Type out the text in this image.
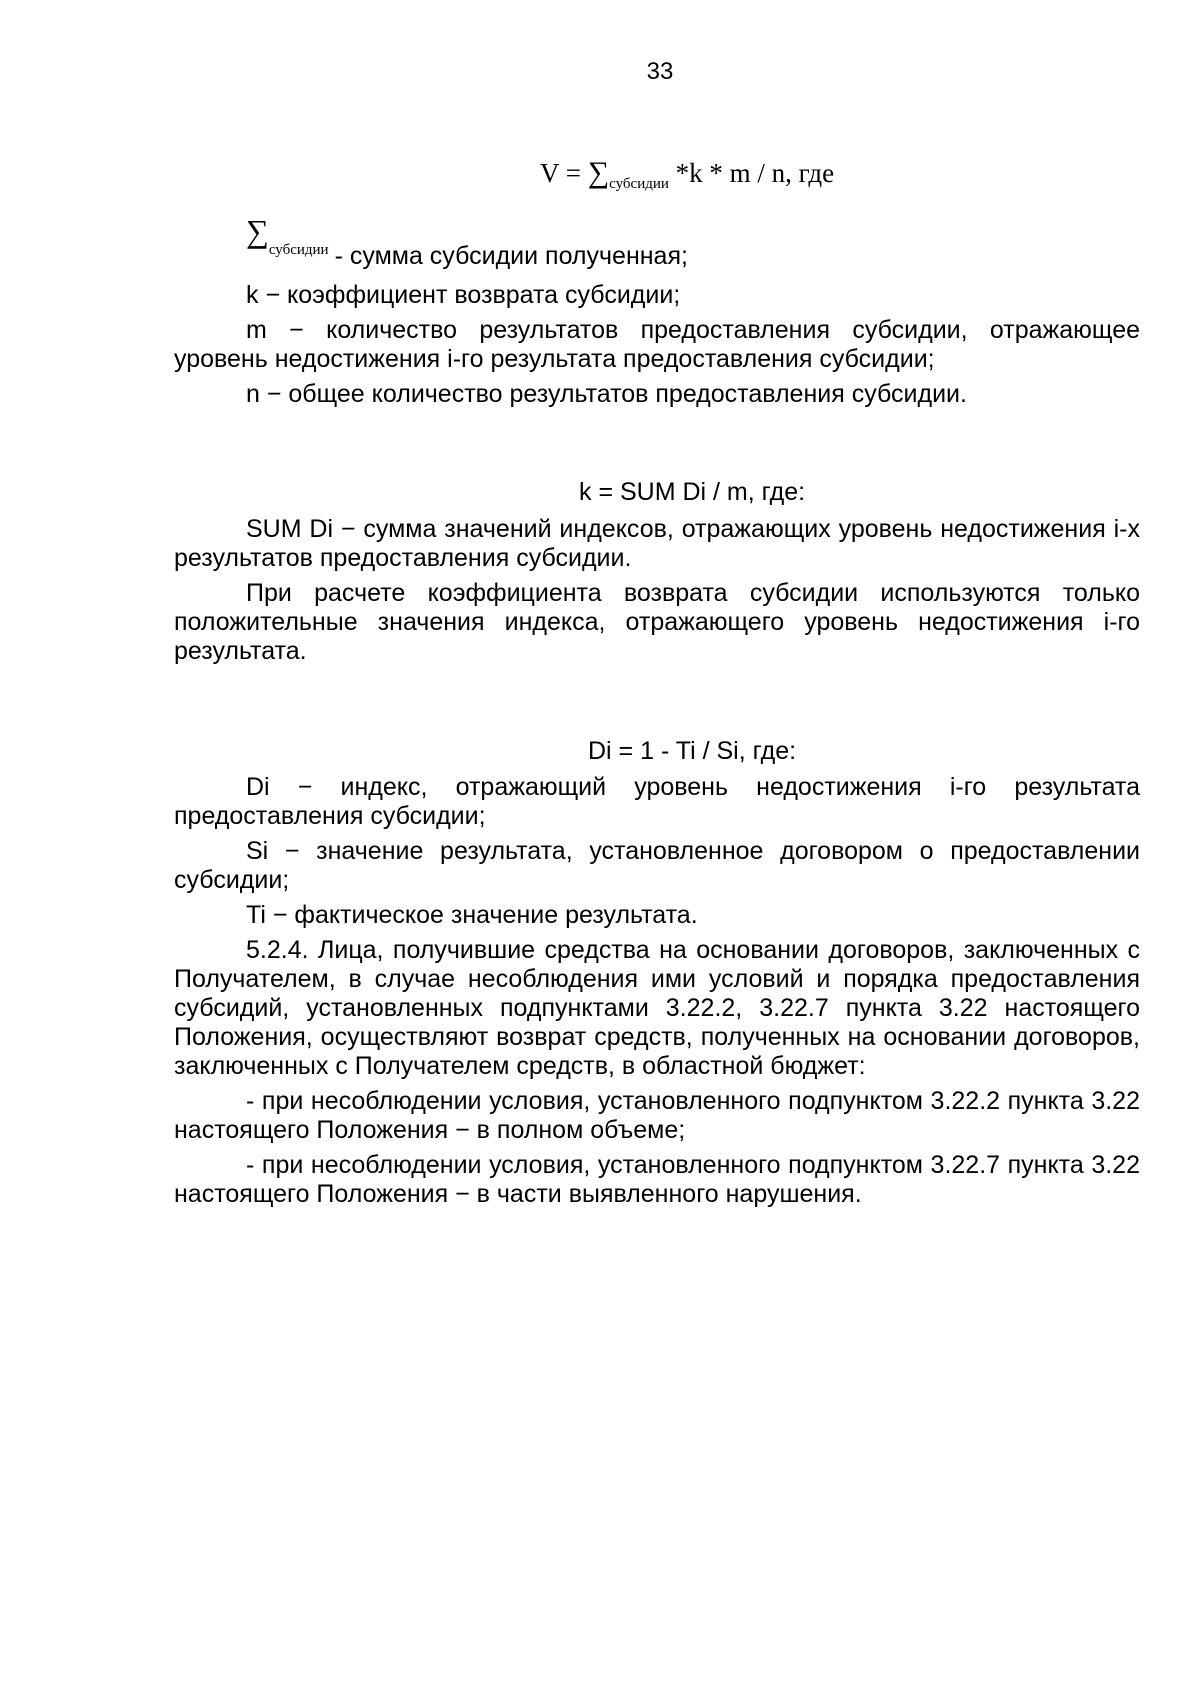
33
$V = \sum_{субсидии}$ *k * m / n, где
$\sum_{субсидии}$ - сумма субсидии полученная;

k − коэффициент возврата субсидии;

m − количество результатов предоставления субсидии, отражающее уровень недостижения i-го результата предоставления субсидии;

n − общее количество результатов предоставления субсидии.

k = SUM Di / m, где:

SUM Di − сумма значений индексов, отражающих уровень недостижения i-х результатов предоставления субсидии.

При расчете коэффициента возврата субсидии используются только положительные значения индекса, отражающего уровень недостижения i-го результата.

Di = 1 - Ti / Si, где:

Di − индекс, отражающий уровень недостижения i-го результата предоставления субсидии;

Si − значение результата, установленное договором о предоставлении субсидии;

Ti − фактическое значение результата.

5.2.4. Лица, получившие средства на основании договоров, заключенных с Получателем, в случае несоблюдения ими условий и порядка предоставления субсидий, установленных подпунктами 3.22.2, 3.22.7 пункта 3.22 настоящего Положения, осуществляют возврат средств, полученных на основании договоров, заключенных с Получателем средств, в областной бюджет:

- при несоблюдении условия, установленного подпунктом 3.22.2 пункта 3.22 настоящего Положения − в полном объеме;

- при несоблюдении условия, установленного подпунктом 3.22.7 пункта 3.22 настоящего Положения − в части выявленного нарушения.
